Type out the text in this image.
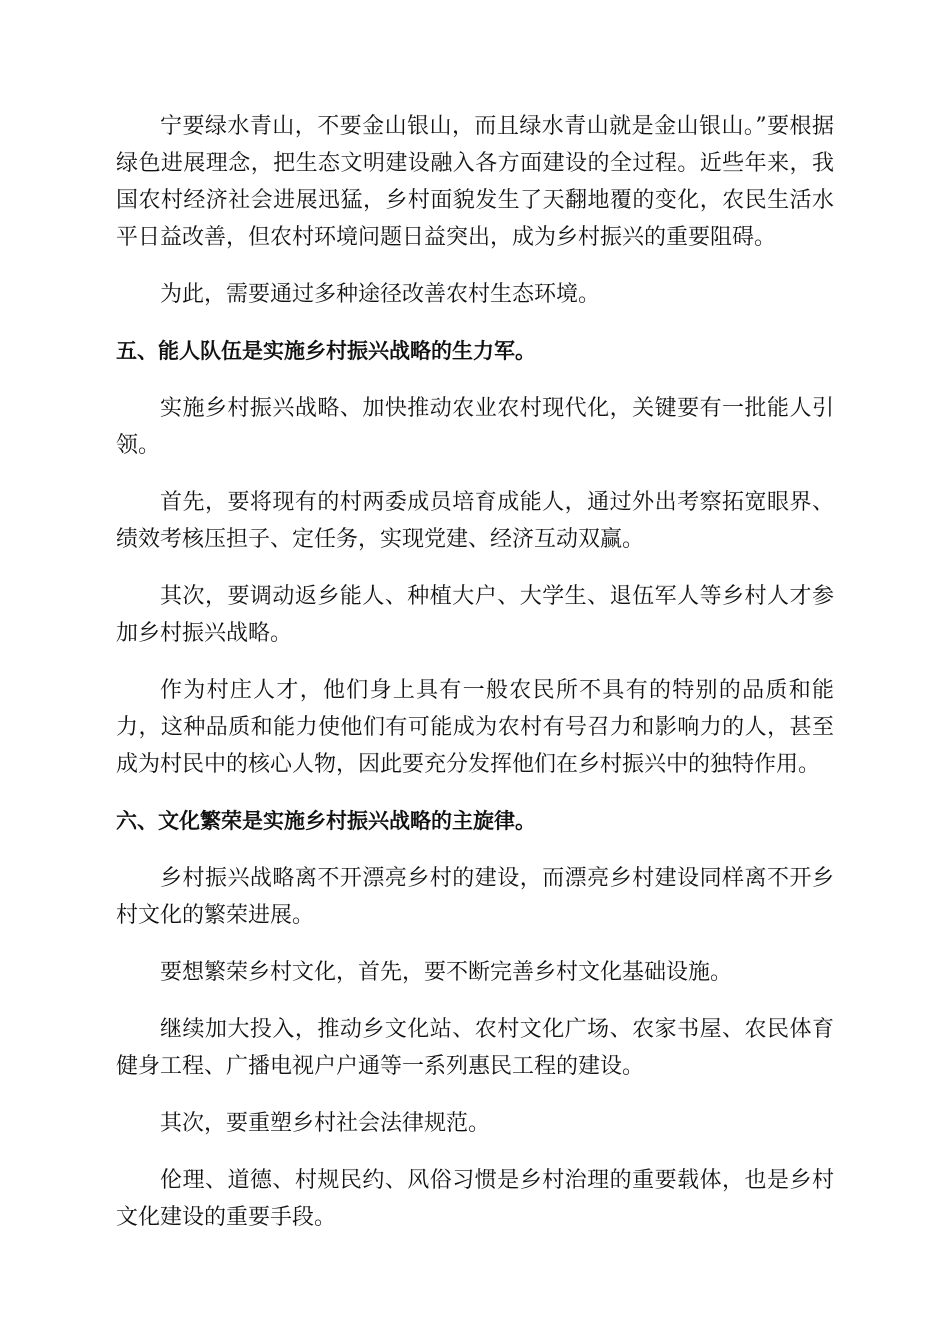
宁要绿水青山，不要金山银山，而且绿水青山就是金山银山。”要根据绿色进展理念，把生态文明建设融入各方面建设的全过程。近些年来，我国农村经济社会进展迅猛，乡村面貌发生了天翻地覆的变化，农民生活水平日益改善，但农村环境问题日益突出，成为乡村振兴的重要阻碍。

为此，需要通过多种途径改善农村生态环境。

五、能人队伍是实施乡村振兴战略的生力军。

实施乡村振兴战略、加快推动农业农村现代化，关键要有一批能人引领。

首先，要将现有的村两委成员培育成能人，通过外出考察拓宽眼界、绩效考核压担子、定任务，实现党建、经济互动双赢。

其次，要调动返乡能人、种植大户、大学生、退伍军人等乡村人才参加乡村振兴战略。

作为村庄人才，他们身上具有一般农民所不具有的特别的品质和能力，这种品质和能力使他们有可能成为农村有号召力和影响力的人，甚至成为村民中的核心人物，因此要充分发挥他们在乡村振兴中的独特作用。

六、文化繁荣是实施乡村振兴战略的主旋律。

乡村振兴战略离不开漂亮乡村的建设，而漂亮乡村建设同样离不开乡村文化的繁荣进展。

要想繁荣乡村文化，首先，要不断完善乡村文化基础设施。

继续加大投入，推动乡文化站、农村文化广场、农家书屋、农民体育健身工程、广播电视户户通等一系列惠民工程的建设。

其次，要重塑乡村社会法律规范。

伦理、道德、村规民约、风俗习惯是乡村治理的重要载体，也是乡村文化建设的重要手段。
